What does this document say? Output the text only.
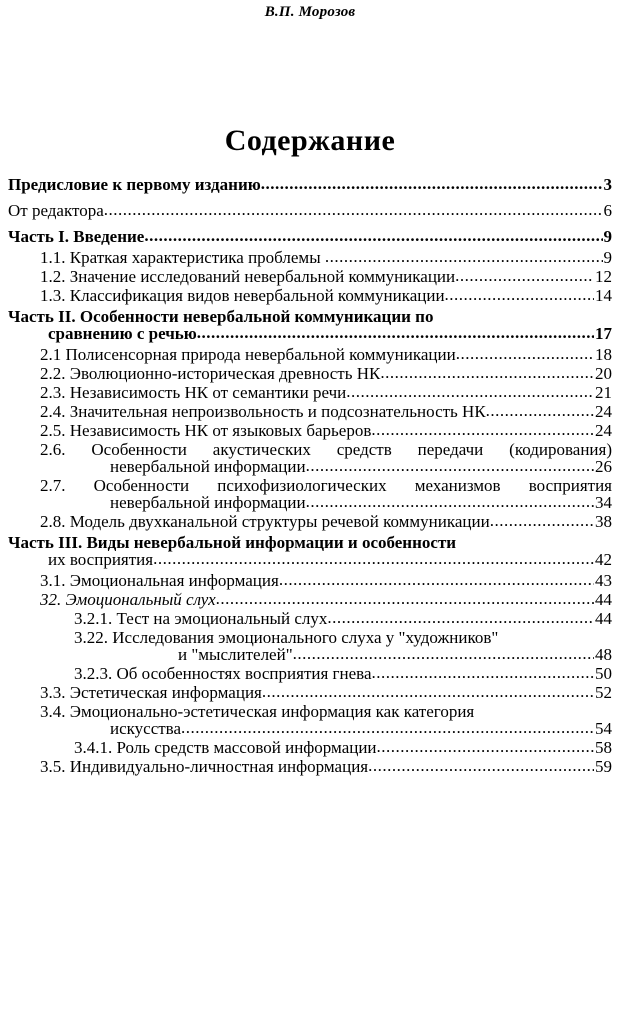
В.П. Морозов
Содержание
Предисловие к первому изданию .....	3
От редактора .....	6
Часть I. Введение .....	9
1.1. Краткая характеристика проблемы .....	9
1.2. Значение исследований невербальной коммуникации .....	12
1.3. Классификация видов невербальной коммуникации .....	14
Часть II. Особенности невербальной коммуникации по
сравнению с речью .....	17
2.1 Полисенсорная природа невербальной коммуникации .....	18
2.2. Эволюционно-историческая древность НК .....	20
2.3. Независимость НК от семантики речи .....	21
2.4. Значительная непроизвольность и подсознательность НК .....	24
2.5. Независимость НК от языковых барьеров .....	24
2.6. Особенности акустических средств передачи (кодирования)
невербальной информации .....	26
2.7. Особенности психофизиологических механизмов восприятия
невербальной информации .....	34
2.8. Модель двухканальной структуры речевой коммуникации .....	38
Часть III. Виды невербальной информации и особенности
их восприятия .....	42
3.1. Эмоциональная информация .....	43
32. Эмоциональный слух .....	44
3.2.1. Тест на эмоциональный слух .....	44
3.22. Исследования эмоционального слуха у "художников"
и "мыслителей" .....	48
3.2.3. Об особенностях восприятия гнева .....	50
3.3. Эстетическая информация .....	52
3.4. Эмоционально-эстетическая информация как категория
искусства .....	54
3.4.1. Роль средств массовой информации .....	58
3.5. Индивидуально-личностная информация .....	59
